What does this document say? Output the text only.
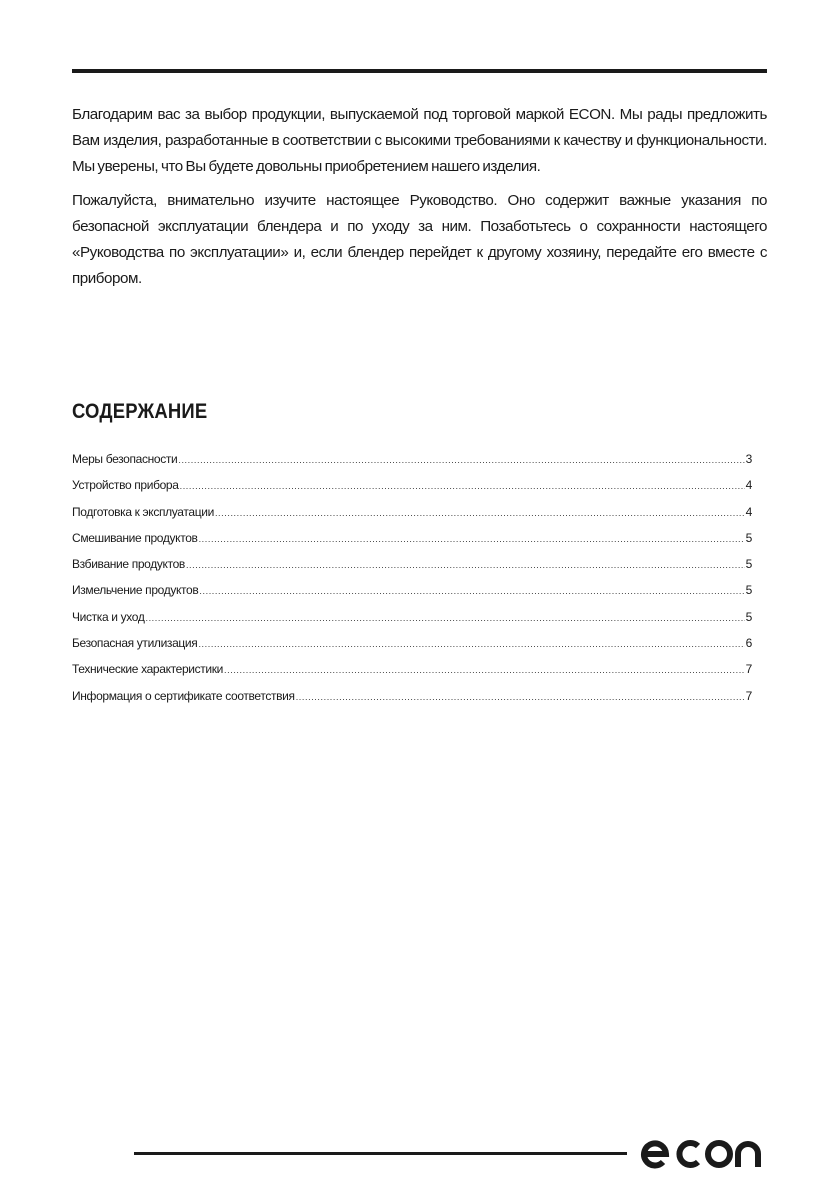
Благодарим вас за выбор продукции, выпускаемой под торговой маркой ECON. Мы рады предложить Вам изделия, разработанные в соответствии с высокими требованиями к качеству и функциональности. Мы уверены, что Вы будете довольны приобретением нашего изделия.

Пожалуйста, внимательно изучите настоящее Руководство. Оно содержит важные указания по безопасной эксплуатации блендера и по уходу за ним. Позаботьтесь о сохранности настоящего «Руководства по эксплуатации» и, если блендер перейдет к другому хозяину, передайте его вместе с прибором.

СОДЕРЖАНИЕ
Меры безопасности .....	3
Устройство прибора .....	4
Подготовка к эксплуатации .....	4
Смешивание продуктов .....	5
Взбивание продуктов .....	5
Измельчение продуктов .....	5
Чистка и уход .....	5
Безопасная утилизация .....	6
Технические характеристики .....	7
Информация о сертификате соответствия .....	7
